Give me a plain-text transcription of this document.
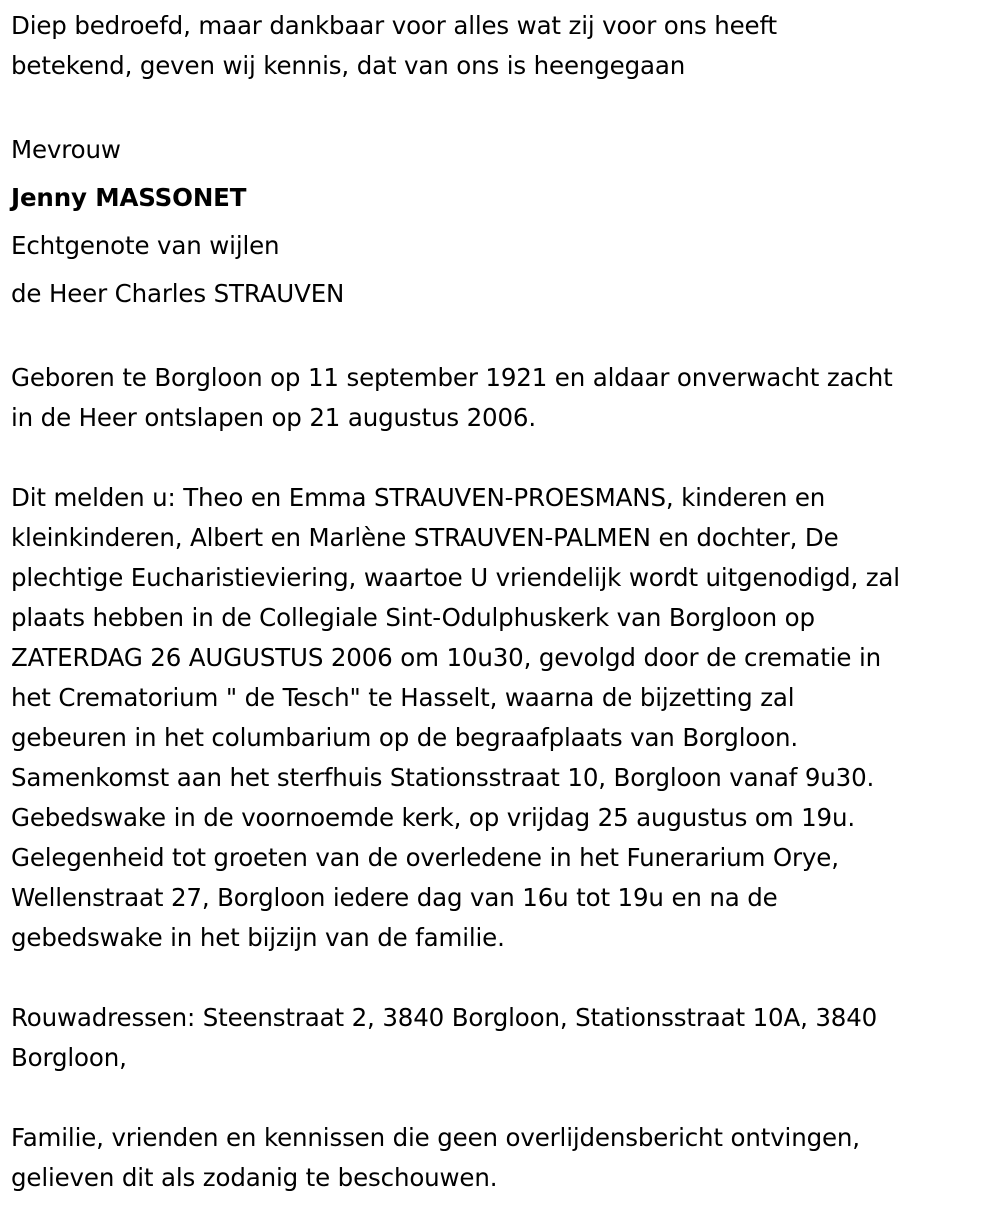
Diep bedroefd, maar dankbaar voor alles wat zij voor ons heeft
betekend, geven wij kennis, dat van ons is heengegaan
Mevrouw
Jenny MASSONET
Echtgenote van wijlen
de Heer Charles STRAUVEN
Geboren te Borgloon op 11 september 1921 en aldaar onverwacht zacht
in de Heer ontslapen op 21 augustus 2006.
Dit melden u: Theo en Emma STRAUVEN-PROESMANS, kinderen en
kleinkinderen, Albert en Marlène STRAUVEN-PALMEN en dochter, De
plechtige Eucharistieviering, waartoe U vriendelijk wordt uitgenodigd, zal
plaats hebben in de Collegiale Sint-Odulphuskerk van Borgloon op
ZATERDAG 26 AUGUSTUS 2006 om 10u30, gevolgd door de crematie in
het Crematorium " de Tesch" te Hasselt, waarna de bijzetting zal
gebeuren in het columbarium op de begraafplaats van Borgloon.
Samenkomst aan het sterfhuis Stationsstraat 10, Borgloon vanaf 9u30.
Gebedswake in de voornoemde kerk, op vrijdag 25 augustus om 19u.
Gelegenheid tot groeten van de overledene in het Funerarium Orye,
Wellenstraat 27, Borgloon iedere dag van 16u tot 19u en na de
gebedswake in het bijzijn van de familie.
Rouwadressen: Steenstraat 2, 3840 Borgloon, Stationsstraat 10A, 3840
Borgloon,
Familie, vrienden en kennissen die geen overlijdensbericht ontvingen,
gelieven dit als zodanig te beschouwen.
